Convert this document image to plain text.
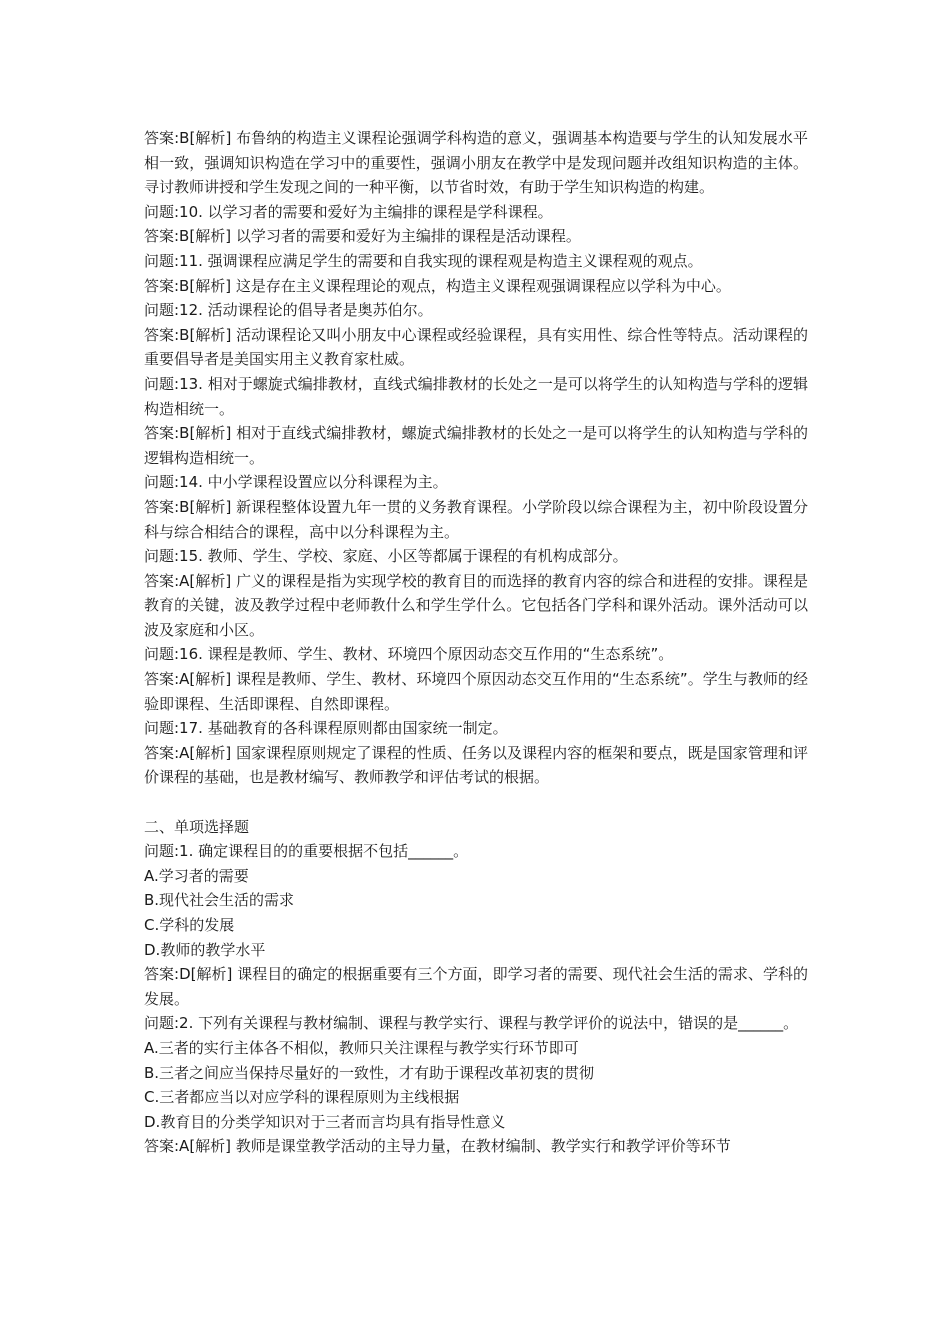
答案:B[解析] 布鲁纳的构造主义课程论强调学科构造的意义，强调基本构造要与学生的认知发展水平相一致，强调知识构造在学习中的重要性，强调小朋友在教学中是发现问题并改组知识构造的主体。寻讨教师讲授和学生发现之间的一种平衡，以节省时效，有助于学生知识构造的构建。

问题:10. 以学习者的需要和爱好为主编排的课程是学科课程。

答案:B[解析] 以学习者的需要和爱好为主编排的课程是活动课程。

问题:11. 强调课程应满足学生的需要和自我实现的课程观是构造主义课程观的观点。

答案:B[解析] 这是存在主义课程理论的观点，构造主义课程观强调课程应以学科为中心。

问题:12. 活动课程论的倡导者是奥苏伯尔。

答案:B[解析] 活动课程论又叫小朋友中心课程或经验课程，具有实用性、综合性等特点。活动课程的重要倡导者是美国实用主义教育家杜威。

问题:13. 相对于螺旋式编排教材，直线式编排教材的长处之一是可以将学生的认知构造与学科的逻辑构造相统一。

答案:B[解析] 相对于直线式编排教材，螺旋式编排教材的长处之一是可以将学生的认知构造与学科的逻辑构造相统一。

问题:14. 中小学课程设置应以分科课程为主。

答案:B[解析] 新课程整体设置九年一贯的义务教育课程。小学阶段以综合课程为主，初中阶段设置分科与综合相结合的课程，高中以分科课程为主。

问题:15. 教师、学生、学校、家庭、小区等都属于课程的有机构成部分。

答案:A[解析] 广义的课程是指为实现学校的教育目的而选择的教育内容的综合和进程的安排。课程是教育的关键，波及教学过程中老师教什么和学生学什么。它包括各门学科和课外活动。课外活动可以波及家庭和小区。

问题:16. 课程是教师、学生、教材、环境四个原因动态交互作用的“生态系统”。

答案:A[解析] 课程是教师、学生、教材、环境四个原因动态交互作用的“生态系统”。学生与教师的经验即课程、生活即课程、自然即课程。

问题:17. 基础教育的各科课程原则都由国家统一制定。

答案:A[解析] 国家课程原则规定了课程的性质、任务以及课程内容的框架和要点，既是国家管理和评价课程的基础，也是教材编写、教师教学和评估考试的根据。

二、单项选择题

问题:1. 确定课程目的的重要根据不包括______。

A.学习者的需要

B.现代社会生活的需求

C.学科的发展

D.教师的教学水平

答案:D[解析] 课程目的确定的根据重要有三个方面，即学习者的需要、现代社会生活的需求、学科的发展。

问题:2. 下列有关课程与教材编制、课程与教学实行、课程与教学评价的说法中，错误的是______。

A.三者的实行主体各不相似，教师只关注课程与教学实行环节即可

B.三者之间应当保持尽量好的一致性，才有助于课程改革初衷的贯彻

C.三者都应当以对应学科的课程原则为主线根据

D.教育目的分类学知识对于三者而言均具有指导性意义

答案:A[解析] 教师是课堂教学活动的主导力量，在教材编制、教学实行和教学评价等环节
